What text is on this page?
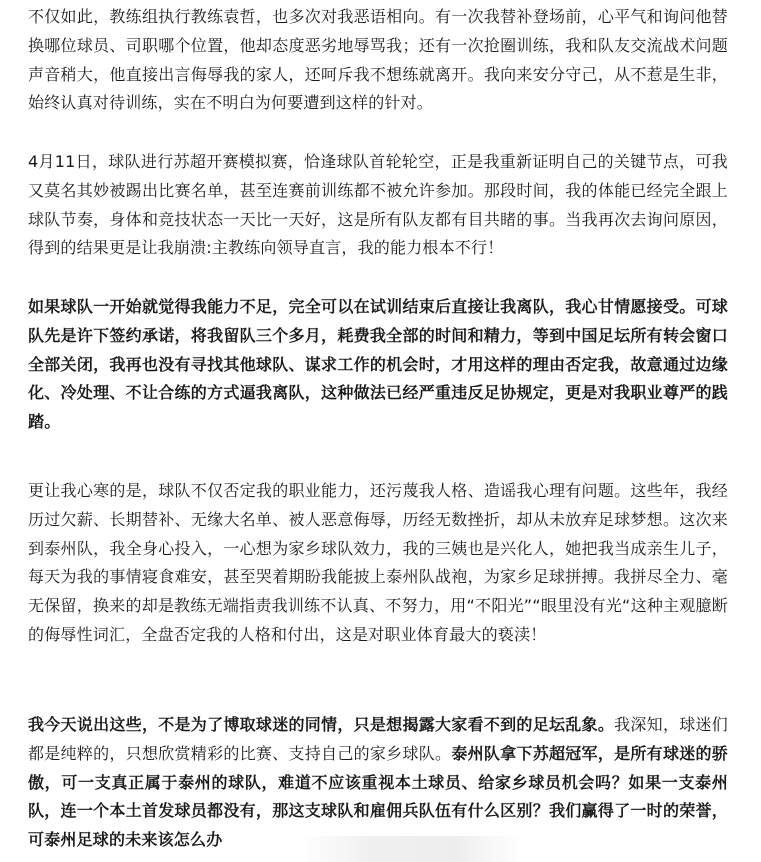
不仅如此，教练组执行教练袁哲，也多次对我恶语相向。有一次我替补登场前，心平气和询问他替换哪位球员、司职哪个位置，他却态度恶劣地辱骂我；还有一次抢圈训练，我和队友交流战术问题声音稍大，他直接出言侮辱我的家人，还呵斥我不想练就离开。我向来安分守己，从不惹是生非，始终认真对待训练，实在不明白为何要遭到这样的针对。

4月11日，球队进行苏超开赛模拟赛，恰逢球队首轮轮空，正是我重新证明自己的关键节点，可我又莫名其妙被踢出比赛名单，甚至连赛前训练都不被允许参加。那段时间，我的体能已经完全跟上球队节奏，身体和竞技状态一天比一天好，这是所有队友都有目共睹的事。当我再次去询问原因，得到的结果更是让我崩溃:主教练向领导直言，我的能力根本不行！

如果球队一开始就觉得我能力不足，完全可以在试训结束后直接让我离队，我心甘情愿接受。可球队先是许下签约承诺，将我留队三个多月，耗费我全部的时间和精力，等到中国足坛所有转会窗口全部关闭，我再也没有寻找其他球队、谋求工作的机会时，才用这样的理由否定我，故意通过边缘化、冷处理、不让合练的方式逼我离队，这种做法已经严重违反足协规定，更是对我职业尊严的践踏。

更让我心寒的是，球队不仅否定我的职业能力，还污蔑我人格、造谣我心理有问题。这些年，我经历过欠薪、长期替补、无缘大名单、被人恶意侮辱，历经无数挫折，却从未放弃足球梦想。这次来到泰州队，我全身心投入，一心想为家乡球队效力，我的三姨也是兴化人，她把我当成亲生儿子，每天为我的事情寝食难安，甚至哭着期盼我能披上泰州队战袍，为家乡足球拼搏。我拼尽全力、毫无保留，换来的却是教练无端指责我训练不认真、不努力，用“不阳光”“眼里没有光“这种主观臆断的侮辱性词汇，全盘否定我的人格和付出，这是对职业体育最大的亵渎！

我今天说出这些，不是为了博取球迷的同情，只是想揭露大家看不到的足坛乱象。我深知，球迷们都是纯粹的，只想欣赏精彩的比赛、支持自己的家乡球队。泰州队拿下苏超冠军，是所有球迷的骄傲，可一支真正属于泰州的球队，难道不应该重视本土球员、给家乡球员机会吗？如果一支泰州队，连一个本土首发球员都没有，那这支球队和雇佣兵队伍有什么区别？我们赢得了一时的荣誉，可泰州足球的未来该怎么办
